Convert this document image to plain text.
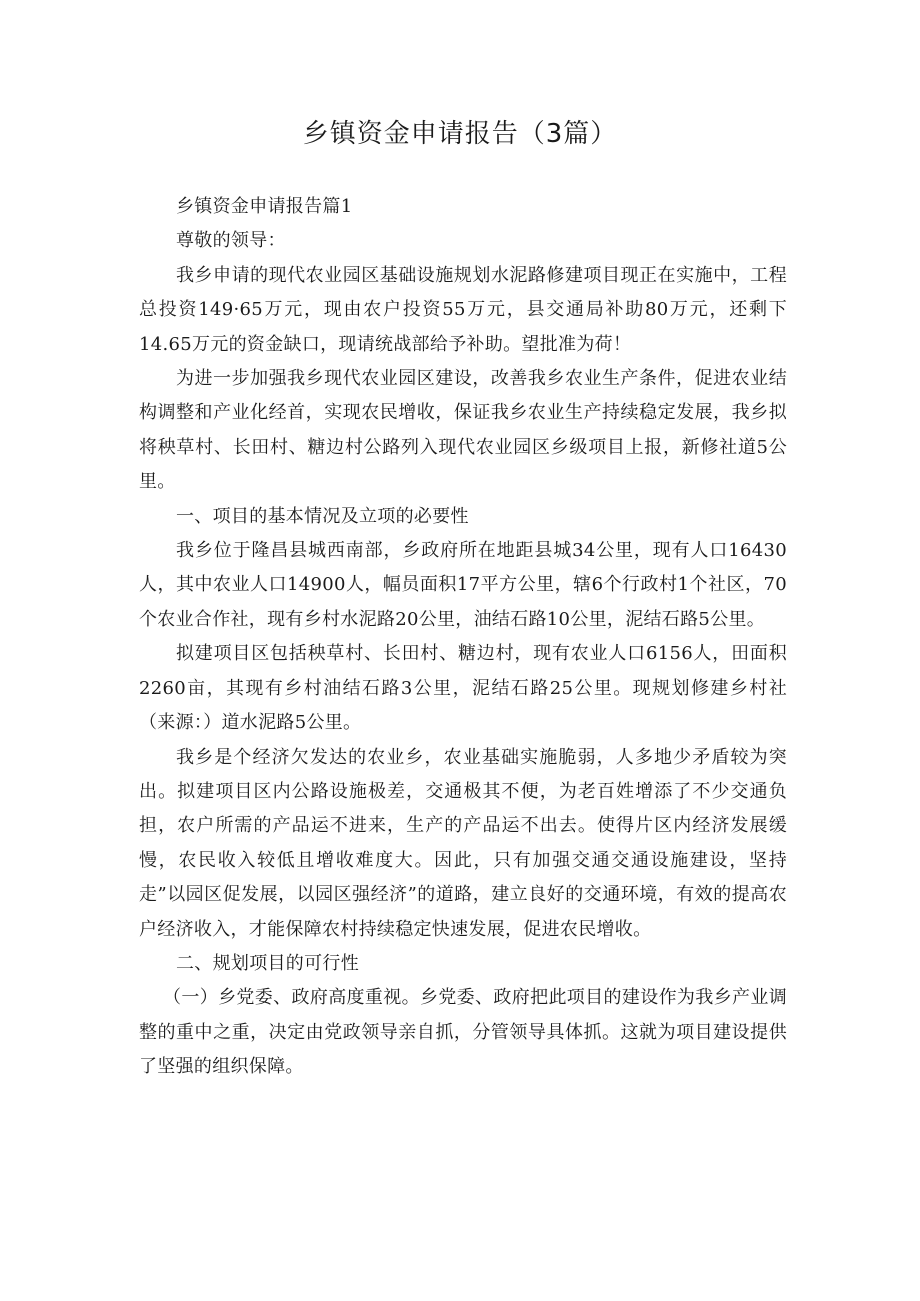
乡镇资金申请报告（3篇）

乡镇资金申请报告篇1

尊敬的领导：

我乡申请的现代农业园区基础设施规划水泥路修建项目现正在实施中，工程总投资149·65万元，现由农户投资55万元，县交通局补助80万元，还剩下14.65万元的资金缺口，现请统战部给予补助。望批准为荷！

为进一步加强我乡现代农业园区建设，改善我乡农业生产条件，促进农业结构调整和产业化经首，实现农民增收，保证我乡农业生产持续稳定发展，我乡拟将秧草村、长田村、糖边村公路列入现代农业园区乡级项目上报，新修社道5公里。

一、项目的基本情况及立项的必要性

我乡位于隆昌县城西南部，乡政府所在地距县城34公里，现有人口16430人，其中农业人口14900人，幅员面积17平方公里，辖6个行政村1个社区，70个农业合作社，现有乡村水泥路20公里，油结石路10公里，泥结石路5公里。

拟建项目区包括秧草村、长田村、糖边村，现有农业人口6156人，田面积2260亩，其现有乡村油结石路3公里，泥结石路25公里。现规划修建乡村社（来源：）道水泥路5公里。

我乡是个经济欠发达的农业乡，农业基础实施脆弱，人多地少矛盾较为突出。拟建项目区内公路设施极差，交通极其不便，为老百姓增添了不少交通负担，农户所需的产品运不进来，生产的产品运不出去。使得片区内经济发展缓慢，农民收入较低且增收难度大。因此，只有加强交通交通设施建设，坚持走”以园区促发展，以园区强经济”的道路，建立良好的交通环境，有效的提高农户经济收入，才能保障农村持续稳定快速发展，促进农民增收。

二、规划项目的可行性

（一）乡党委、政府高度重视。乡党委、政府把此项目的建设作为我乡产业调整的重中之重，决定由党政领导亲自抓，分管领导具体抓。这就为项目建设提供了坚强的组织保障。
